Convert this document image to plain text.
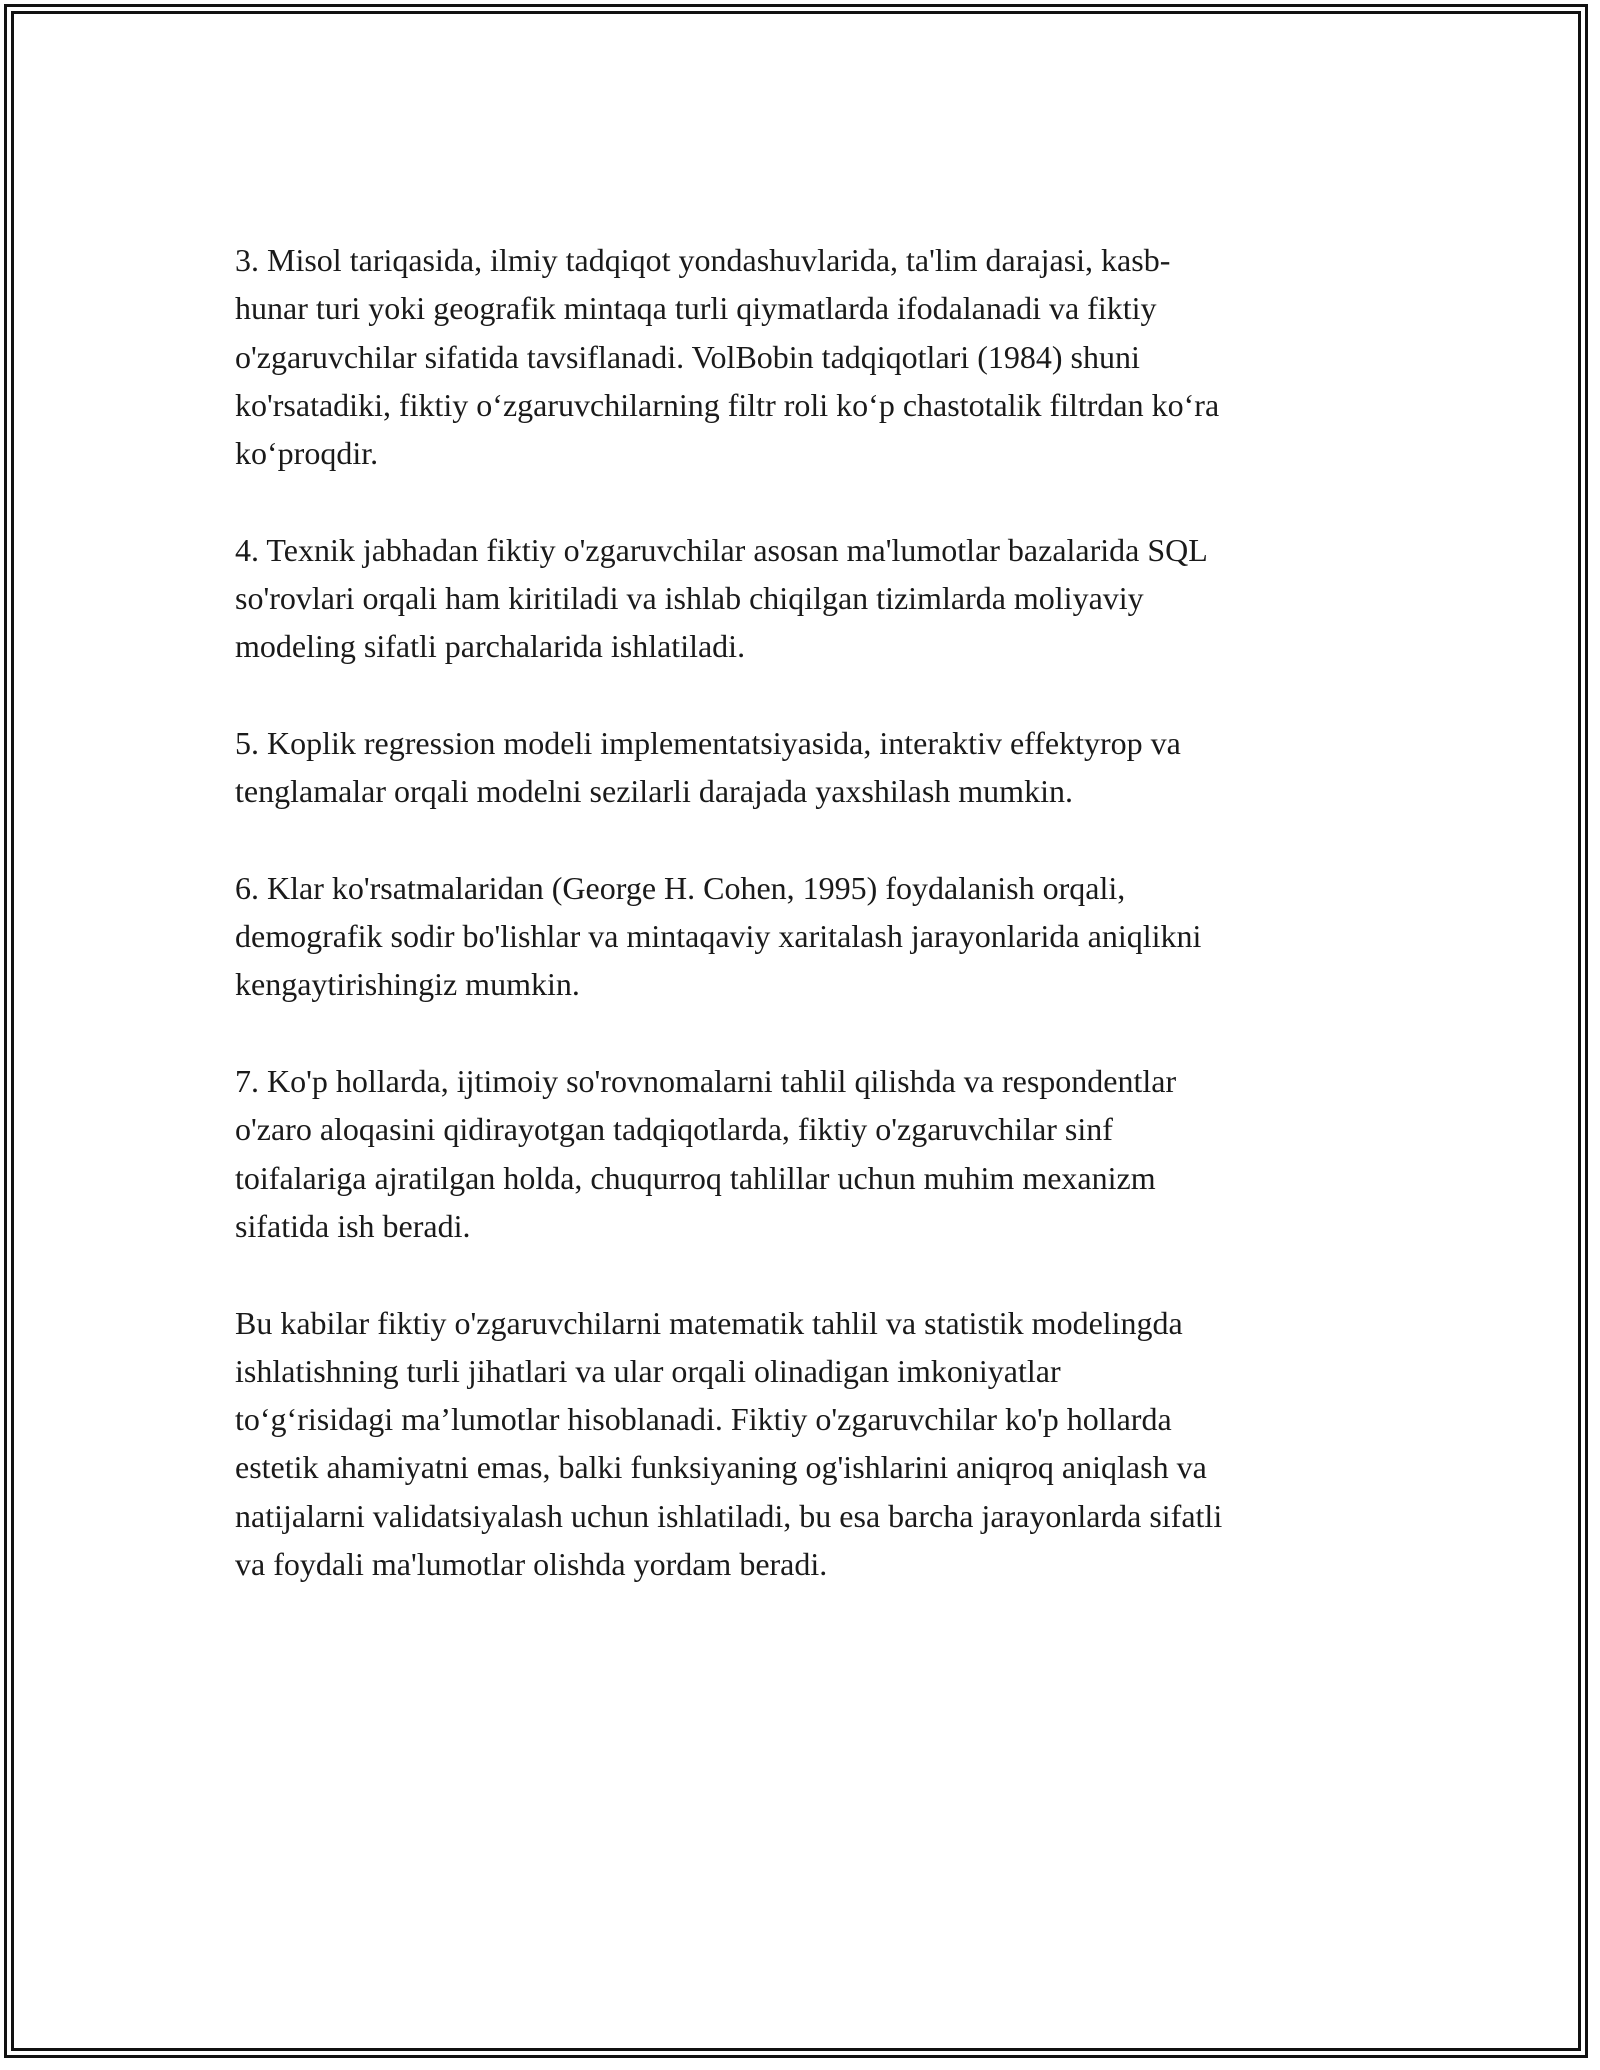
3. Misol tariqasida, ilmiy tadqiqot yondashuvlarida, ta'lim darajasi, kasb-
hunar turi yoki geografik mintaqa turli qiymatlarda ifodalanadi va fiktiy
o'zgaruvchilar sifatida tavsiflanadi. VolBobin tadqiqotlari (1984) shuni
ko'rsatadiki, fiktiy o‘zgaruvchilarning filtr roli ko‘p chastotalik filtrdan ko‘ra
ko‘proqdir.

4. Texnik jabhadan fiktiy o'zgaruvchilar asosan ma'lumotlar bazalarida SQL
so'rovlari orqali ham kiritiladi va ishlab chiqilgan tizimlarda moliyaviy
modeling sifatli parchalarida ishlatiladi.

5. Koplik regression modeli implementatsiyasida, interaktiv effektyrop va
tenglamalar orqali modelni sezilarli darajada yaxshilash mumkin.

6. Klar ko'rsatmalaridan (George H. Cohen, 1995) foydalanish orqali,
demografik sodir bo'lishlar va mintaqaviy xaritalash jarayonlarida aniqlikni
kengaytirishingiz mumkin.

7. Ko'p hollarda, ijtimoiy so'rovnomalarni tahlil qilishda va respondentlar
o'zaro aloqasini qidirayotgan tadqiqotlarda, fiktiy o'zgaruvchilar sinf
toifalariga ajratilgan holda, chuqurroq tahlillar uchun muhim mexanizm
sifatida ish beradi.

Bu kabilar fiktiy o'zgaruvchilarni matematik tahlil va statistik modelingda
ishlatishning turli jihatlari va ular orqali olinadigan imkoniyatlar
to‘g‘risidagi ma’lumotlar hisoblanadi. Fiktiy o'zgaruvchilar ko'p hollarda
estetik ahamiyatni emas, balki funksiyaning og'ishlarini aniqroq aniqlash va
natijalarni validatsiyalash uchun ishlatiladi, bu esa barcha jarayonlarda sifatli
va foydali ma'lumotlar olishda yordam beradi.
